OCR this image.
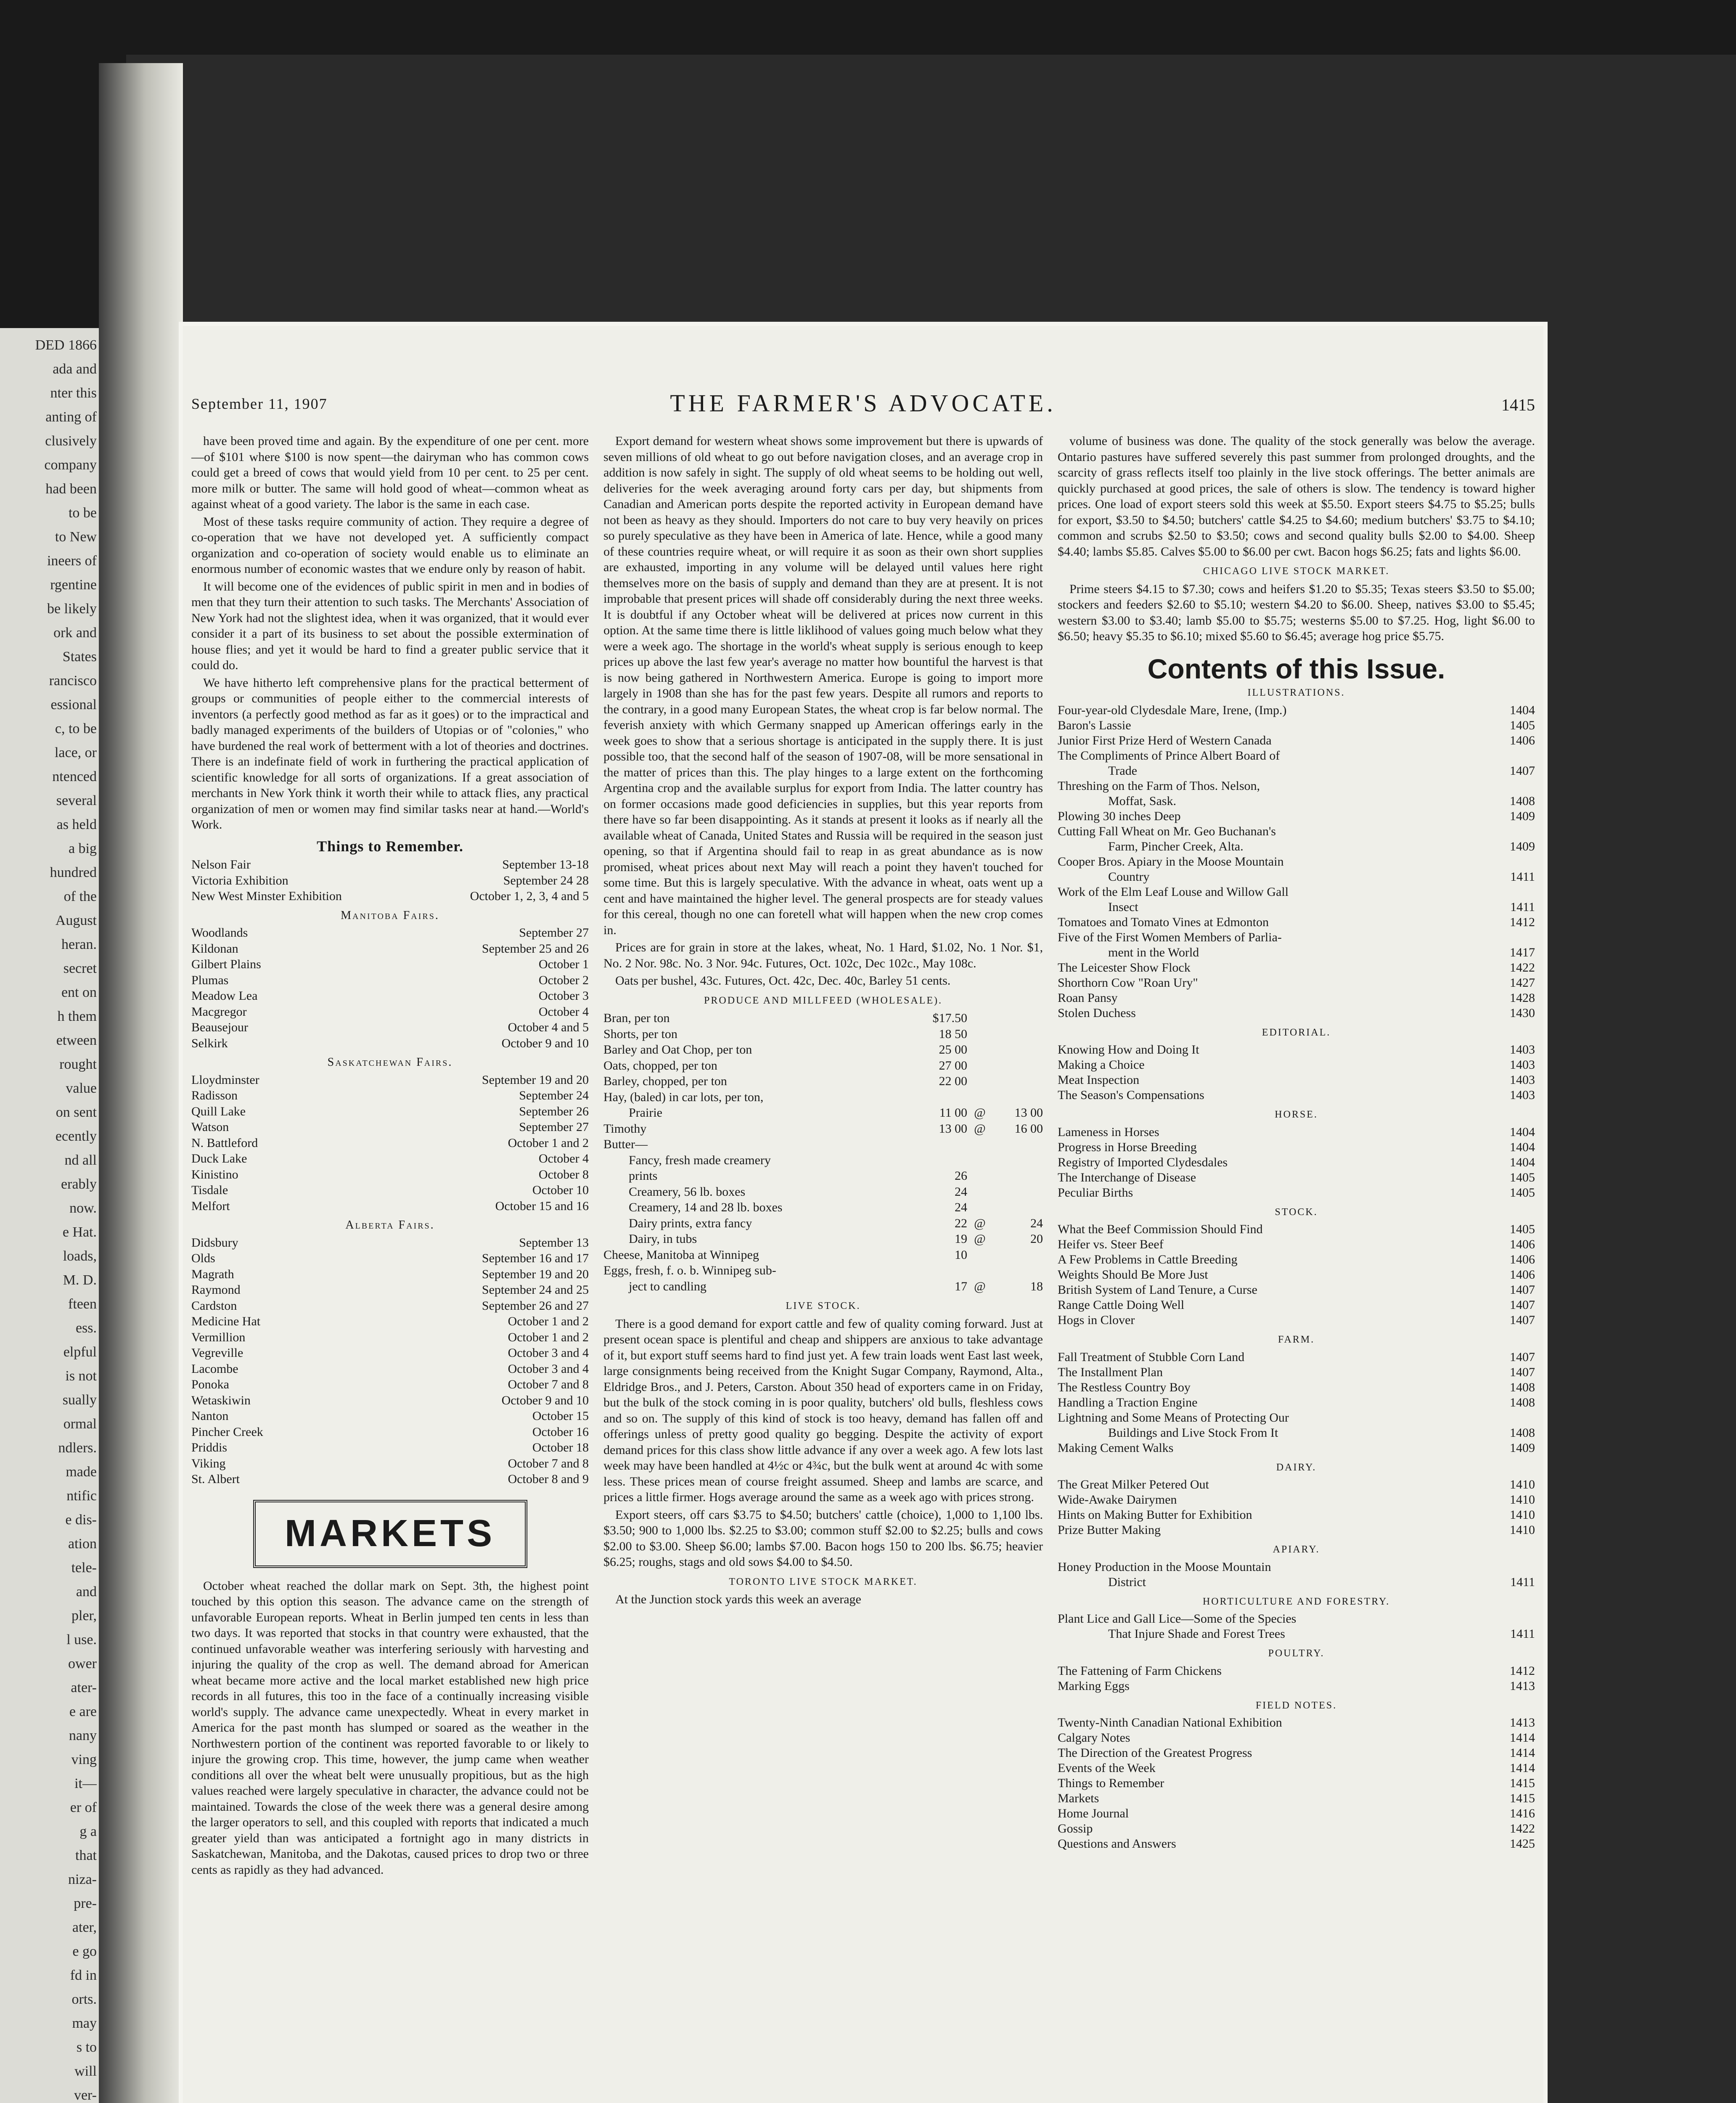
DED 1866
ada and
nter this
anting of
clusively
company
had been
to be
to New
ineers of
rgentine
be likely
ork and
States
rancisco
essional
c, to be
lace, or
ntenced
several
as held
a big
hundred
of the
August
heran.
secret
ent on
h them
etween
rought
value
on sent
ecently
nd all
erably
now.
e Hat.
loads,
M. D.
fteen
ess.
elpful
is not
sually
ormal
ndlers.
made
ntific
e dis-
ation
tele-
and
pler,
l use.
ower
ater-
e are
nany
ving
it—
er of
g a
that
niza-
pre-
ater,
e go
fd in
orts.
may
s to
will
ver-
September 11, 1907	THE FARMER'S ADVOCATE.	1415

have been proved time and again. By the expenditure of one per cent. more—of $101 where $100 is now spent—the dairyman who has common cows could get a breed of cows that would yield from 10 per cent. to 25 per cent. more milk or butter. The same will hold good of wheat—common wheat as against wheat of a good variety. The labor is the same in each case.

Most of these tasks require community of action. They require a degree of co-operation that we have not developed yet. A sufficiently compact organization and co-operation of society would enable us to eliminate an enormous number of economic wastes that we endure only by reason of habit.

It will become one of the evidences of public spirit in men and in bodies of men that they turn their attention to such tasks. The Merchants' Association of New York had not the slightest idea, when it was organized, that it would ever consider it a part of its business to set about the possible extermination of house flies; and yet it would be hard to find a greater public service that it could do.

We have hitherto left comprehensive plans for the practical betterment of groups or communities of people either to the commercial interests of inventors (a perfectly good method as far as it goes) or to the impractical and badly managed experiments of the builders of Utopias or of "colonies," who have burdened the real work of betterment with a lot of theories and doctrines. There is an indefinate field of work in furthering the practical application of scientific knowledge for all sorts of organizations. If a great association of merchants in New York think it worth their while to attack flies, any practical organization of men or women may find similar tasks near at hand.—World's Work.

Things to Remember.
Nelson Fair	September 13-18
Victoria Exhibition	September 24 28
New West Minster Exhibition	October 1, 2, 3, 4 and 5
Manitoba Fairs.
Woodlands	September 27
Kildonan	September 25 and 26
Gilbert Plains	October 1
Plumas	October 2
Meadow Lea	October 3
Macgregor	October 4
Beausejour	October 4 and 5
Selkirk	October 9 and 10
Saskatchewan Fairs.
Lloydminster	September 19 and 20
Radisson	September 24
Quill Lake	September 26
Watson	September 27
N. Battleford	October 1 and 2
Duck Lake	October 4
Kinistino	October 8
Tisdale	October 10
Melfort	October 15 and 16
Alberta Fairs.
Didsbury	September 13
Olds	September 16 and 17
Magrath	September 19 and 20
Raymond	September 24 and 25
Cardston	September 26 and 27
Medicine Hat	October 1 and 2
Vermillion	October 1 and 2
Vegreville	October 3 and 4
Lacombe	October 3 and 4
Ponoka	October 7 and 8
Wetaskiwin	October 9 and 10
Nanton	October 15
Pincher Creek	October 16
Priddis	October 18
Viking	October 7 and 8
St. Albert	October 8 and 9
MARKETS

October wheat reached the dollar mark on Sept. 3th, the highest point touched by this option this season. The advance came on the strength of unfavorable European reports. Wheat in Berlin jumped ten cents in less than two days. It was reported that stocks in that country were exhausted, that the continued unfavorable weather was interfering seriously with harvesting and injuring the quality of the crop as well. The demand abroad for American wheat became more active and the local market established new high price records in all futures, this too in the face of a continually increasing visible world's supply. The advance came unexpectedly. Wheat in every market in America for the past month has slumped or soared as the weather in the Northwestern portion of the continent was reported favorable to or likely to injure the growing crop. This time, however, the jump came when weather conditions all over the wheat belt were unusually propitious, but as the high values reached were largely speculative in character, the advance could not be maintained. Towards the close of the week there was a general desire among the larger operators to sell, and this coupled with reports that indicated a much greater yield than was anticipated a fortnight ago in many districts in Saskatchewan, Manitoba, and the Dakotas, caused prices to drop two or three cents as rapidly as they had advanced.

Export demand for western wheat shows some improvement but there is upwards of seven millions of old wheat to go out before navigation closes, and an average crop in addition is now safely in sight. The supply of old wheat seems to be holding out well, deliveries for the week averaging around forty cars per day, but shipments from Canadian and American ports despite the reported activity in European demand have not been as heavy as they should. Importers do not care to buy very heavily on prices so purely speculative as they have been in America of late. Hence, while a good many of these countries require wheat, or will require it as soon as their own short supplies are exhausted, importing in any volume will be delayed until values here right themselves more on the basis of supply and demand than they are at present. It is not improbable that present prices will shade off considerably during the next three weeks. It is doubtful if any October wheat will be delivered at prices now current in this option. At the same time there is little liklihood of values going much below what they were a week ago. The shortage in the world's wheat supply is serious enough to keep prices up above the last few year's average no matter how bountiful the harvest is that is now being gathered in Northwestern America. Europe is going to import more largely in 1908 than she has for the past few years. Despite all rumors and reports to the contrary, in a good many European States, the wheat crop is far below normal. The feverish anxiety with which Germany snapped up American offerings early in the week goes to show that a serious shortage is anticipated in the supply there. It is just possible too, that the second half of the season of 1907-08, will be more sensational in the matter of prices than this. The play hinges to a large extent on the forthcoming Argentina crop and the available surplus for export from India. The latter country has on former occasions made good deficiencies in supplies, but this year reports from there have so far been disappointing. As it stands at present it looks as if nearly all the available wheat of Canada, United States and Russia will be required in the season just opening, so that if Argentina should fail to reap in as great abundance as is now promised, wheat prices about next May will reach a point they haven't touched for some time. But this is largely speculative. With the advance in wheat, oats went up a cent and have maintained the higher level. The general prospects are for steady values for this cereal, though no one can foretell what will happen when the new crop comes in.

Prices are for grain in store at the lakes, wheat, No. 1 Hard, $1.02, No. 1 Nor. $1, No. 2 Nor. 98c. No. 3 Nor. 94c. Futures, Oct. 102c, Dec 102c., May 108c.

Oats per bushel, 43c. Futures, Oct. 42c, Dec. 40c, Barley 51 cents.

PRODUCE AND MILLFEED (WHOLESALE).
Bran, per ton	$17.50
Shorts, per ton	18 50
Barley and Oat Chop, per ton	25 00
Oats, chopped, per ton	27 00
Barley, chopped, per ton	22 00
Hay, (baled) in car lots, per ton,
Prairie	11 00 @	13 00
Timothy	13 00 @	16 00
Butter—
Fancy, fresh made creamery
prints	26
Creamery, 56 lb. boxes	24
Creamery, 14 and 28 lb. boxes	24
Dairy prints, extra fancy	22 @	24
Dairy, in tubs	19 @	20
Cheese, Manitoba at Winnipeg	10
Eggs, fresh, f. o. b. Winnipeg sub-
ject to candling	17 @	18
LIVE STOCK.

There is a good demand for export cattle and few of quality coming forward. Just at present ocean space is plentiful and cheap and shippers are anxious to take advantage of it, but export stuff seems hard to find just yet. A few train loads went East last week, large consignments being received from the Knight Sugar Company, Raymond, Alta., Eldridge Bros., and J. Peters, Carston. About 350 head of exporters came in on Friday, but the bulk of the stock coming in is poor quality, butchers' old bulls, fleshless cows and so on. The supply of this kind of stock is too heavy, demand has fallen off and offerings unless of pretty good quality go begging. Despite the activity of export demand prices for this class show little advance if any over a week ago. A few lots last week may have been handled at 4½c or 4¾c, but the bulk went at around 4c with some less. These prices mean of course freight assumed. Sheep and lambs are scarce, and prices a little firmer. Hogs average around the same as a week ago with prices strong.

Export steers, off cars $3.75 to $4.50; butchers' cattle (choice), 1,000 to 1,100 lbs. $3.50; 900 to 1,000 lbs. $2.25 to $3.00; common stuff $2.00 to $2.25; bulls and cows $2.00 to $3.00. Sheep $6.00; lambs $7.00. Bacon hogs 150 to 200 lbs. $6.75; heavier $6.25; roughs, stags and old sows $4.00 to $4.50.

TORONTO LIVE STOCK MARKET.

At the Junction stock yards this week an average

volume of business was done. The quality of the stock generally was below the average. Ontario pastures have suffered severely this past summer from prolonged droughts, and the scarcity of grass reflects itself too plainly in the live stock offerings. The better animals are quickly purchased at good prices, the sale of others is slow. The tendency is toward higher prices. One load of export steers sold this week at $5.50. Export steers $4.75 to $5.25; bulls for export, $3.50 to $4.50; butchers' cattle $4.25 to $4.60; medium butchers' $3.75 to $4.10; common and scrubs $2.50 to $3.50; cows and second quality bulls $2.00 to $4.00. Sheep $4.40; lambs $5.85. Calves $5.00 to $6.00 per cwt. Bacon hogs $6.25; fats and lights $6.00.

CHICAGO LIVE STOCK MARKET.

Prime steers $4.15 to $7.30; cows and heifers $1.20 to $5.35; Texas steers $3.50 to $5.00; stockers and feeders $2.60 to $5.10; western $4.20 to $6.00. Sheep, natives $3.00 to $5.45; western $3.00 to $3.40; lamb $5.00 to $5.75; westerns $5.00 to $7.25. Hog, light $6.00 to $6.50; heavy $5.35 to $6.10; mixed $5.60 to $6.45; average hog price $5.75.

Contents of this Issue.
ILLUSTRATIONS.
Four-year-old Clydesdale Mare, Irene, (Imp.)	1404
Baron's Lassie	1405
Junior First Prize Herd of Western Canada	1406
The Compliments of Prince Albert Board of
Trade	1407
Threshing on the Farm of Thos. Nelson,
Moffat, Sask.	1408
Plowing 30 inches Deep	1409
Cutting Fall Wheat on Mr. Geo Buchanan's
Farm, Pincher Creek, Alta.	1409
Cooper Bros. Apiary in the Moose Mountain
Country	1411
Work of the Elm Leaf Louse and Willow Gall
Insect	1411
Tomatoes and Tomato Vines at Edmonton	1412
Five of the First Women Members of Parlia-
ment in the World	1417
The Leicester Show Flock	1422
Shorthorn Cow "Roan Ury"	1427
Roan Pansy	1428
Stolen Duchess	1430
EDITORIAL.
Knowing How and Doing It	1403
Making a Choice	1403
Meat Inspection	1403
The Season's Compensations	1403
HORSE.
Lameness in Horses	1404
Progress in Horse Breeding	1404
Registry of Imported Clydesdales	1404
The Interchange of Disease	1405
Peculiar Births	1405
STOCK.
What the Beef Commission Should Find	1405
Heifer vs. Steer Beef	1406
A Few Problems in Cattle Breeding	1406
Weights Should Be More Just	1406
British System of Land Tenure, a Curse	1407
Range Cattle Doing Well	1407
Hogs in Clover	1407
FARM.
Fall Treatment of Stubble Corn Land	1407
The Installment Plan	1407
The Restless Country Boy	1408
Handling a Traction Engine	1408
Lightning and Some Means of Protecting Our
Buildings and Live Stock From It	1408
Making Cement Walks	1409
DAIRY.
The Great Milker Petered Out	1410
Wide-Awake Dairymen	1410
Hints on Making Butter for Exhibition	1410
Prize Butter Making	1410
APIARY.
Honey Production in the Moose Mountain
District	1411
HORTICULTURE AND FORESTRY.
Plant Lice and Gall Lice—Some of the Species
That Injure Shade and Forest Trees	1411
POULTRY.
The Fattening of Farm Chickens	1412
Marking Eggs	1413
FIELD NOTES.
Twenty-Ninth Canadian National Exhibition	1413
Calgary Notes	1414
The Direction of the Greatest Progress	1414
Events of the Week	1414
Things to Remember	1415
Markets	1415
Home Journal	1416
Gossip	1422
Questions and Answers	1425
